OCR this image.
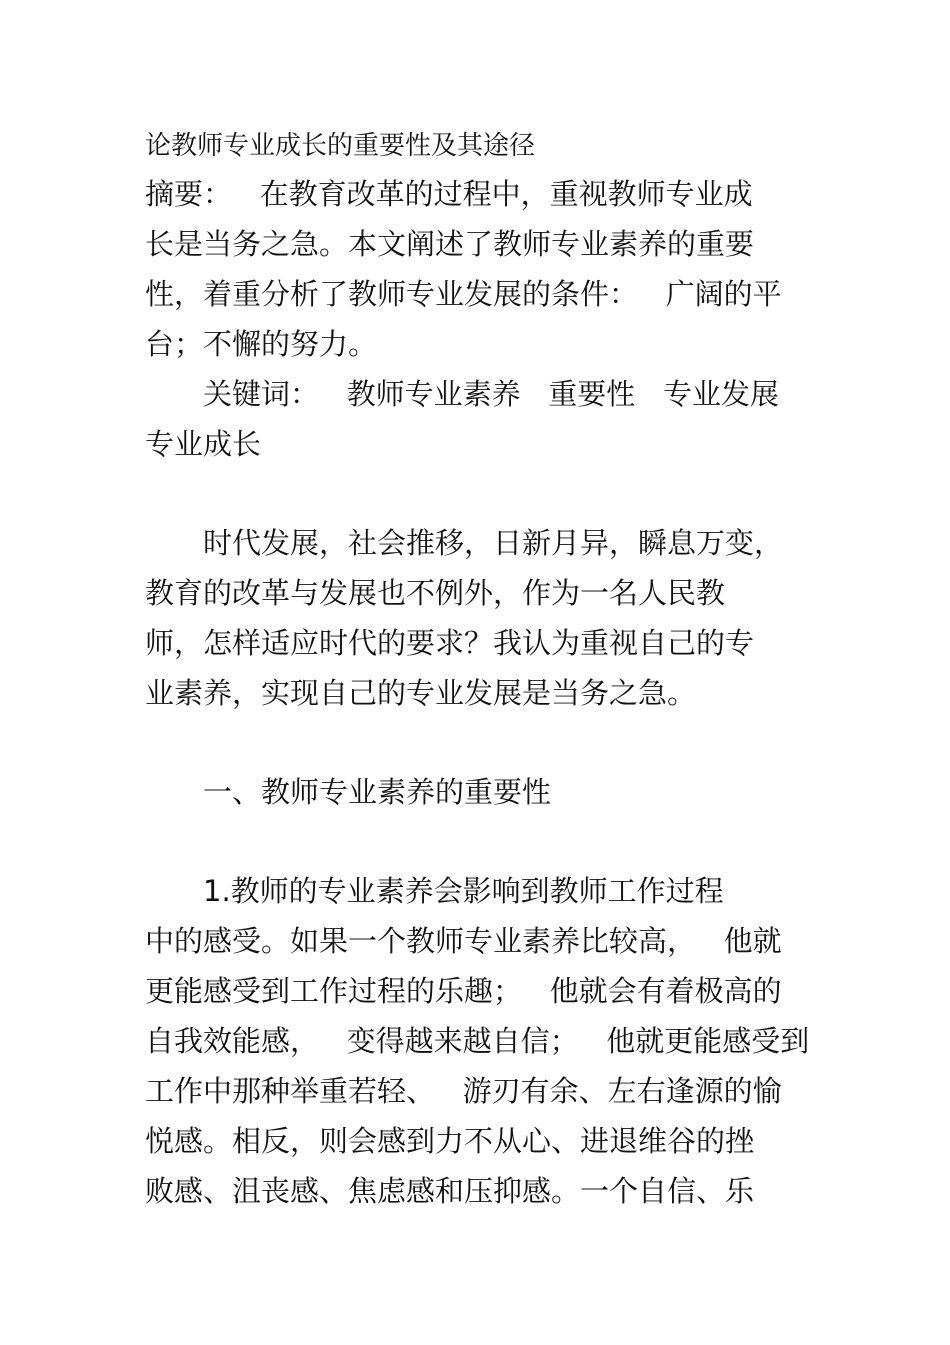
论教师专业成长的重要性及其途径

摘要：   在教育改革的过程中，重视教师专业成

长是当务之急。本文阐述了教师专业素养的重要

性，着重分析了教师专业发展的条件：   广阔的平

台；不懈的努力。

　　关键词：   教师专业素养   重要性   专业发展

专业成长

　　时代发展，社会推移，日新月异，瞬息万变，

教育的改革与发展也不例外，作为一名人民教

师，怎样适应时代的要求？我认为重视自己的专

业素养，实现自己的专业发展是当务之急。

　　一、教师专业素养的重要性

　　1.教师的专业素养会影响到教师工作过程

中的感受。如果一个教师专业素养比较高，   他就

更能感受到工作过程的乐趣；   他就会有着极高的

自我效能感，   变得越来越自信；   他就更能感受到

工作中那种举重若轻、   游刃有余、左右逢源的愉

悦感。相反，则会感到力不从心、进退维谷的挫

败感、沮丧感、焦虑感和压抑感。一个自信、乐
